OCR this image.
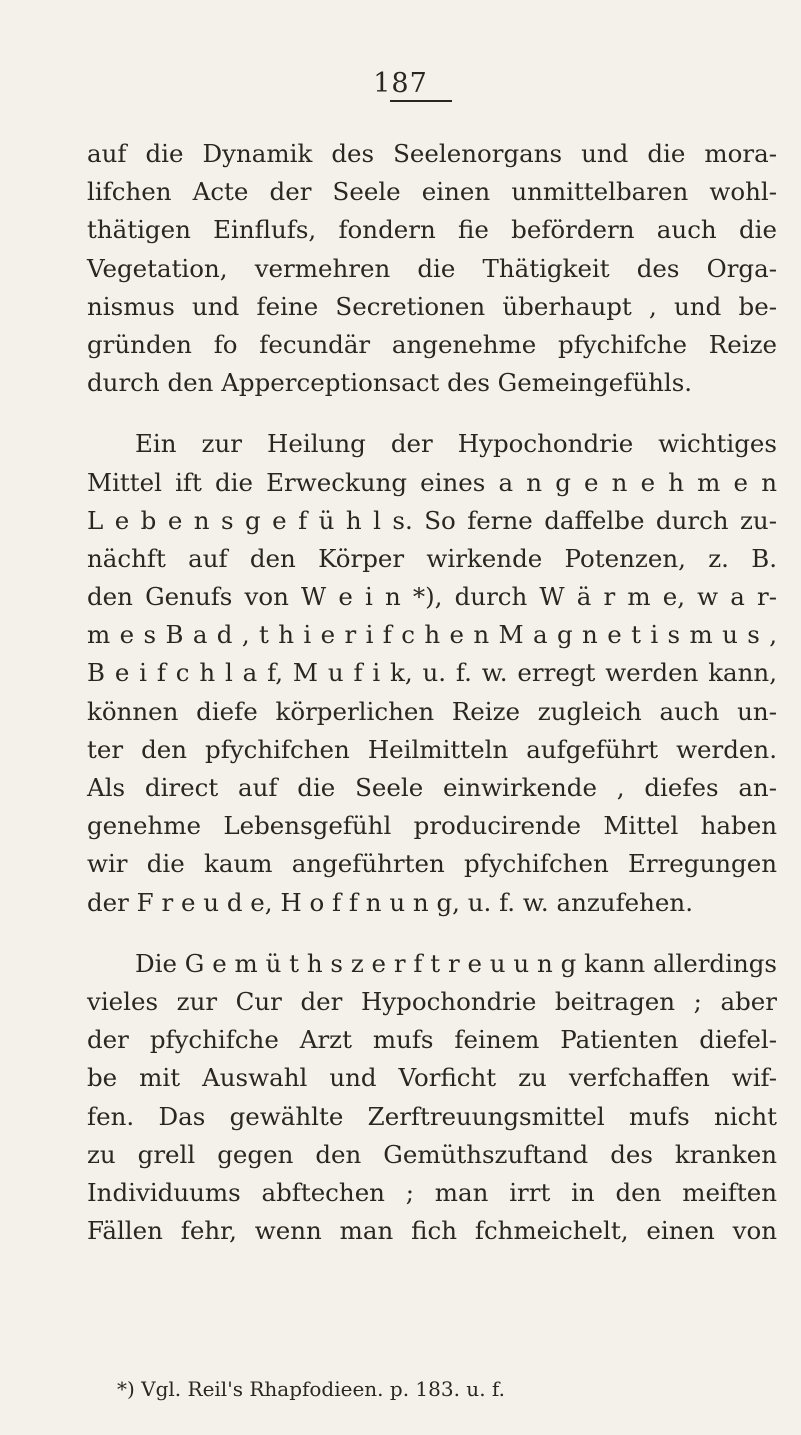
187
auf die Dynamik des Seelenorgans und die mora-
lifchen Acte der Seele einen unmittelbaren wohl-
thätigen Einflufs, fondern fie befördern auch die
Vegetation, vermehren die Thätigkeit des Orga-
nismus und feine Secretionen überhaupt , und be-
gründen fo fecundär angenehme pfychifche Reize
durch den Apperceptionsact des Gemeingefühls.
Ein zur Heilung der Hypochondrie wichtiges
Mittel ift die Erweckung eines a n g e n e h m e n
L e b e n s g e f ü h l s. So ferne daffelbe durch zu-
nächft auf den Körper wirkende Potenzen, z. B.
den Genufs von W e i n *), durch W ä r m e, w a r-
m e s B a d , t h i e r i f c h e n M a g n e t i s m u s ,
B e i f c h l a f, M u f i k, u. f. w. erregt werden kann,
können diefe körperlichen Reize zugleich auch un-
ter den pfychifchen Heilmitteln aufgeführt werden.
Als direct auf die Seele einwirkende , diefes an-
genehme Lebensgefühl producirende Mittel haben
wir die kaum angeführten pfychifchen Erregungen
der F r e u d e, H o f f n u n g, u. f. w. anzufehen.
Die G e m ü t h s z e r f t r e u u n g kann allerdings
vieles zur Cur der Hypochondrie beitragen ; aber
der pfychifche Arzt mufs feinem Patienten diefel-
be mit Auswahl und Vorficht zu verfchaffen wif-
fen. Das gewählte Zerftreuungsmittel mufs nicht
zu grell gegen den Gemüthszuftand des kranken
Individuums abftechen ; man irrt in den meiften
Fällen fehr, wenn man fich fchmeichelt, einen von
*) Vgl. Reil's Rhapfodieen. p. 183. u. f.
